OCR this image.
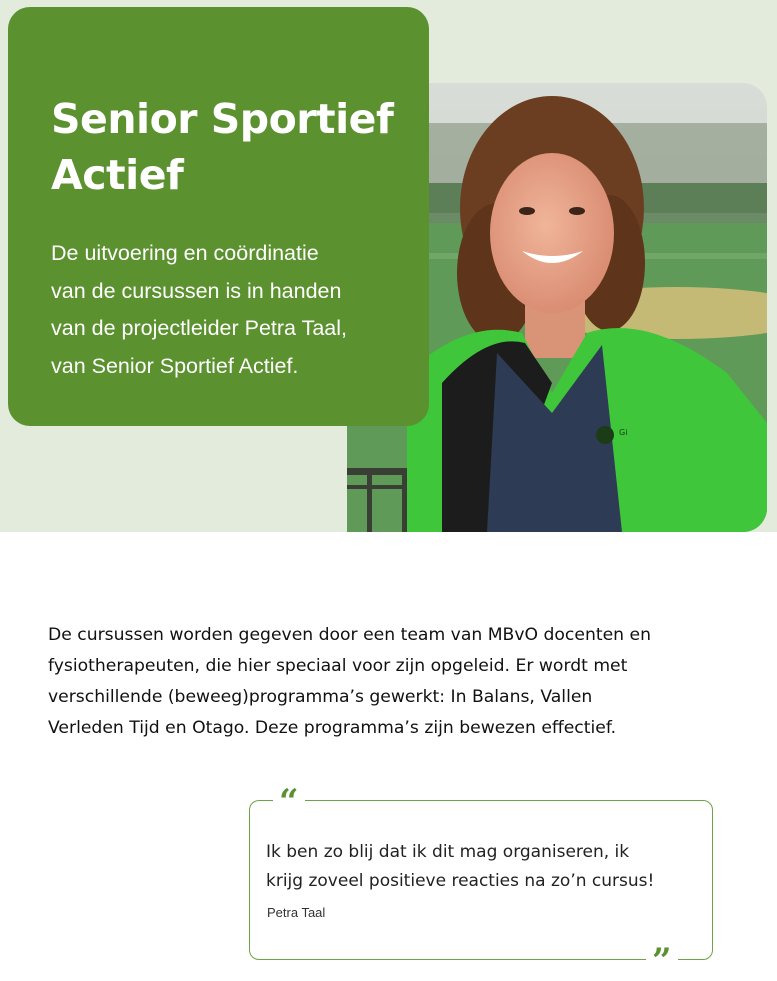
Gi
Senior Sportief
Actief

De uitvoering en coördinatie
van de cursussen is in handen
van de projectleider Petra Taal,
van Senior Sportief Actief.

De cursussen worden gegeven door een team van MBvO docenten en
fysiotherapeuten, die hier speciaal voor zijn opgeleid. Er wordt met
verschillende (beweeg)programma’s gewerkt: In Balans, Vallen
Verleden Tijd en Otago. Deze programma’s zijn bewezen effectief.

“
”

Ik ben zo blij dat ik dit mag organiseren, ik
krijg zoveel positieve reacties na zo’n cursus!

Petra Taal
